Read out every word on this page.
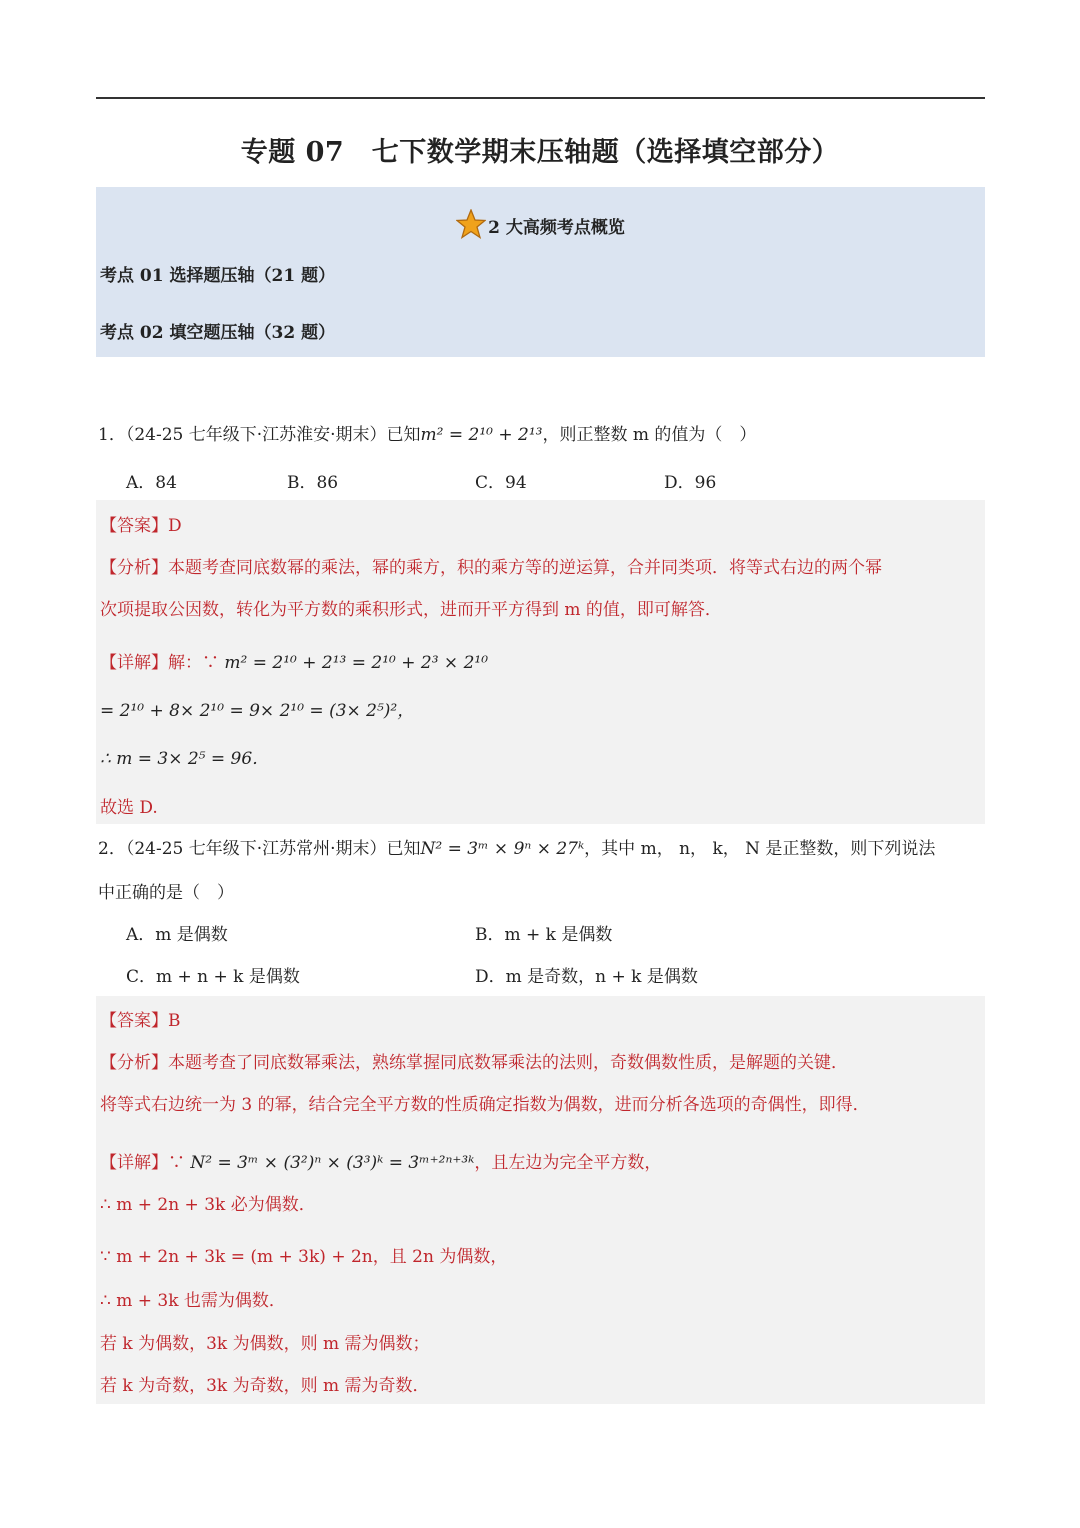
专题 07　七下数学期末压轴题（选择填空部分）
2 大高频考点概览
考点 01 选择题压轴（21 题）
考点 02 填空题压轴（32 题）
1．（24-25 七年级下·江苏淮安·期末）已知m² = 2¹⁰ + 2¹³，则正整数 m 的值为（　）
A．84	B．86	C．94	D．96
【答案】D
【分析】本题考查同底数幂的乘法，幂的乘方，积的乘方等的逆运算，合并同类项．将等式右边的两个幂
次项提取公因数，转化为平方数的乘积形式，进而开平方得到 m 的值，即可解答．
【详解】解：∵ m² = 2¹⁰ + 2¹³ = 2¹⁰ + 2³ × 2¹⁰
= 2¹⁰ + 8× 2¹⁰ = 9× 2¹⁰ = (3× 2⁵)²，
∴ m = 3× 2⁵ = 96．
故选 D.
2．（24-25 七年级下·江苏常州·期末）已知N² = 3ᵐ × 9ⁿ × 27ᵏ，其中 m， n， k， N 是正整数，则下列说法
中正确的是（　）
A．m 是偶数	B．m + k 是偶数
C．m + n + k 是偶数	D．m 是奇数，n + k 是偶数
【答案】B
【分析】本题考查了同底数幂乘法，熟练掌握同底数幂乘法的法则，奇数偶数性质，是解题的关键．
将等式右边统一为 3 的幂，结合完全平方数的性质确定指数为偶数，进而分析各选项的奇偶性，即得．
【详解】∵ N² = 3ᵐ × (3²)ⁿ × (3³)ᵏ = 3ᵐ⁺²ⁿ⁺³ᵏ，且左边为完全平方数，
∴ m + 2n + 3k 必为偶数．
∵ m + 2n + 3k = (m + 3k) + 2n，且 2n 为偶数，
∴ m + 3k 也需为偶数．
若 k 为偶数，3k 为偶数，则 m 需为偶数；
若 k 为奇数，3k 为奇数，则 m 需为奇数．
